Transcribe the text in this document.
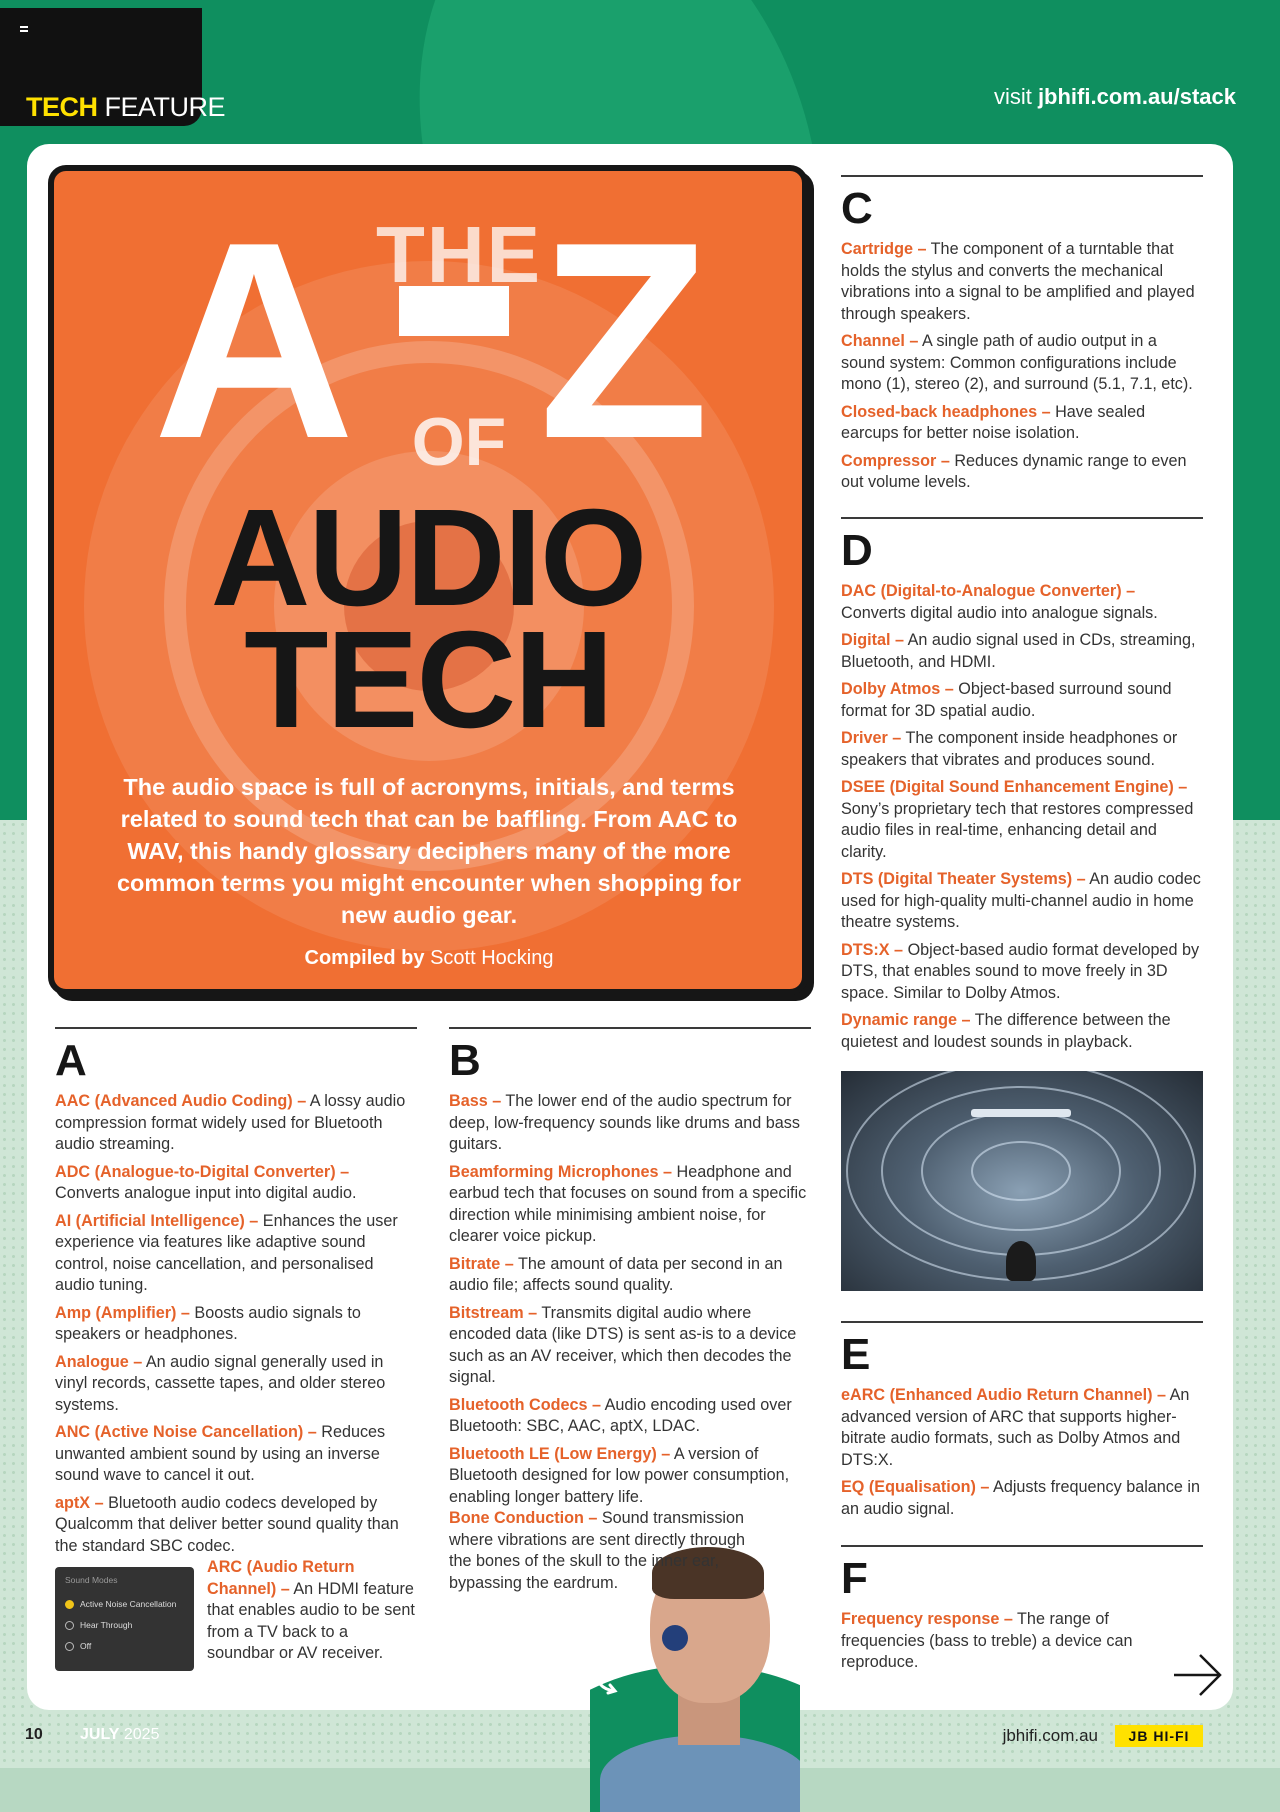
TECH FEATURE	visit jbhifi.com.au/stack
A Z
THE
OF
AUDIO
TECH
The audio space is full of acronyms, initials, and terms related to sound tech that can be baffling. From AAC to WAV, this handy glossary deciphers many of the more common terms you might encounter when shopping for new audio gear.
Compiled by Scott Hocking
A
AAC (Advanced Audio Coding) – A lossy audio compression format widely used for Bluetooth audio streaming.
ADC (Analogue-to-Digital Converter) – Converts analogue input into digital audio.
AI (Artificial Intelligence) – Enhances the user experience via features like adaptive sound control, noise cancellation, and personalised audio tuning.
Amp (Amplifier) – Boosts audio signals to speakers or headphones.
Analogue – An audio signal generally used in vinyl records, cassette tapes, and older stereo systems.
ANC (Active Noise Cancellation) – Reduces unwanted ambient sound by using an inverse sound wave to cancel it out.
aptX – Bluetooth audio codecs developed by Qualcomm that deliver better sound quality than the standard SBC codec.
Sound Modes
Active Noise Cancellation
Hear Through
Off
ARC (Audio Return Channel) – An HDMI feature that enables audio to be sent from a TV back to a soundbar or AV receiver.
B
Bass – The lower end of the audio spectrum for deep, low-frequency sounds like drums and bass guitars.
Beamforming Microphones – Headphone and earbud tech that focuses on sound from a specific direction while minimising ambient noise, for clearer voice pickup.
Bitrate – The amount of data per second in an audio file; affects sound quality.
Bitstream – Transmits digital audio where encoded data (like DTS) is sent as-is to a device such as an AV receiver, which then decodes the signal.
Bluetooth Codecs – Audio encoding used over Bluetooth: SBC, AAC, aptX, LDAC.
Bluetooth LE (Low Energy) – A version of Bluetooth designed for low power consumption, enabling longer battery life.
Bone Conduction – Sound transmission where vibrations are sent directly through the bones of the skull to the inner ear, bypassing the eardrum.
C
Cartridge – The component of a turntable that holds the stylus and converts the mechanical vibrations into a signal to be amplified and played through speakers.
Channel – A single path of audio output in a sound system: Common configurations include mono (1), stereo (2), and surround (5.1, 7.1, etc).
Closed-back headphones – Have sealed earcups for better noise isolation.
Compressor – Reduces dynamic range to even out volume levels.
D
DAC (Digital-to-Analogue Converter) – Converts digital audio into analogue signals.
Digital – An audio signal used in CDs, streaming, Bluetooth, and HDMI.
Dolby Atmos – Object-based surround sound format for 3D spatial audio.
Driver – The component inside headphones or speakers that vibrates and produces sound.
DSEE (Digital Sound Enhancement Engine) – Sony’s proprietary tech that restores compressed audio files in real-time, enhancing detail and clarity.
DTS (Digital Theater Systems) – An audio codec used for high-quality multi-channel audio in home theatre systems.
DTS:X – Object-based audio format developed by DTS, that enables sound to move freely in 3D space. Similar to Dolby Atmos.
Dynamic range – The difference between the quietest and loudest sounds in playback.
E
eARC (Enhanced Audio Return Channel) – An advanced version of ARC that supports higher-bitrate audio formats, such as Dolby Atmos and DTS:X.
EQ (Equalisation) – Adjusts frequency balance in an audio signal.
F
Frequency response – The range of frequencies (bass to treble) a device can reproduce.
10 JULY 2025	jbhifi.com.au	JB HI-FI
